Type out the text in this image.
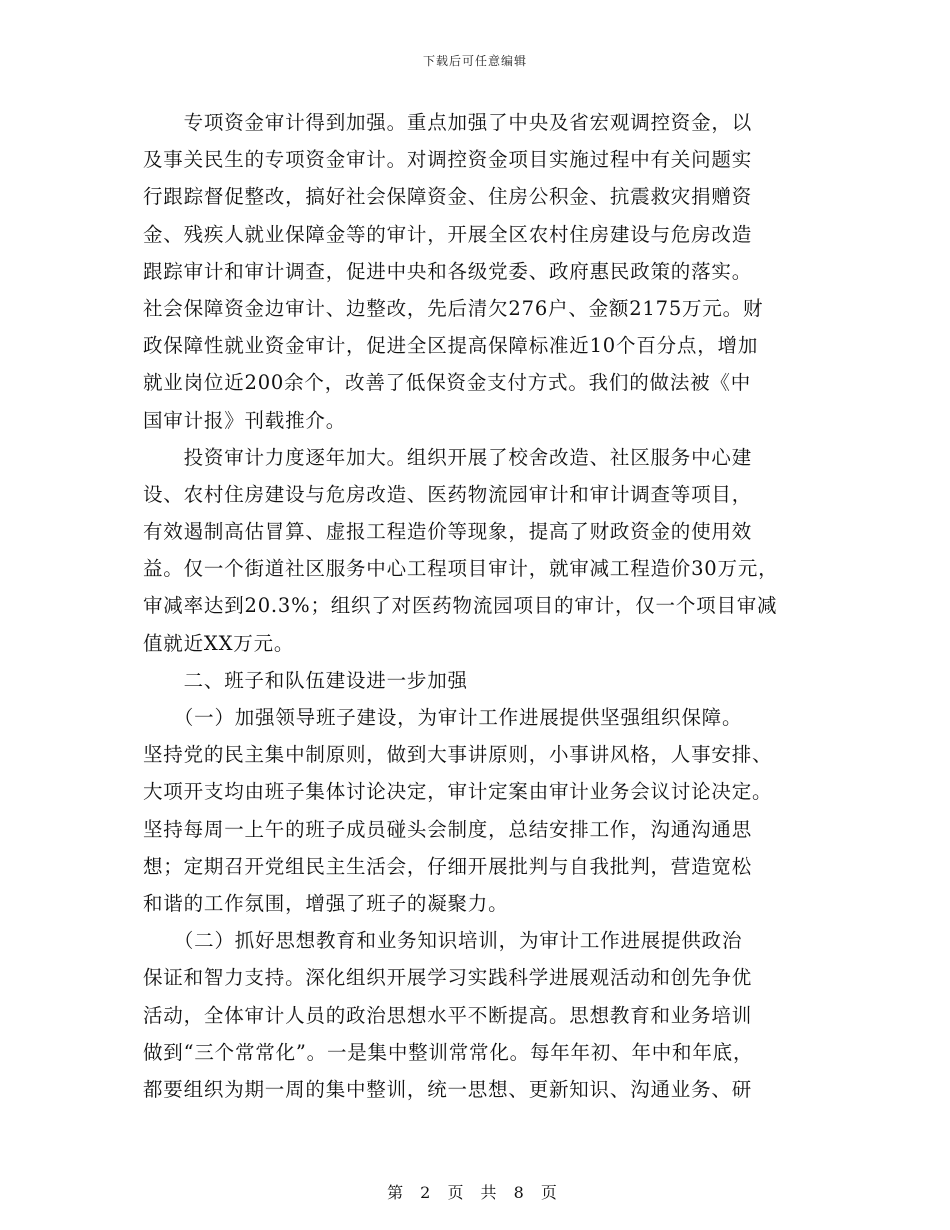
下载后可任意编辑
　　专项资金审计得到加强。重点加强了中央及省宏观调控资金，以
及事关民生的专项资金审计。对调控资金项目实施过程中有关问题实
行跟踪督促整改，搞好社会保障资金、住房公积金、抗震救灾捐赠资
金、残疾人就业保障金等的审计，开展全区农村住房建设与危房改造
跟踪审计和审计调查，促进中央和各级党委、政府惠民政策的落实。
社会保障资金边审计、边整改，先后清欠276户、金额2175万元。财
政保障性就业资金审计，促进全区提高保障标准近10个百分点，增加
就业岗位近200余个，改善了低保资金支付方式。我们的做法被《中
国审计报》刊载推介。
　　投资审计力度逐年加大。组织开展了校舍改造、社区服务中心建
设、农村住房建设与危房改造、医药物流园审计和审计调查等项目，
有效遏制高估冒算、虚报工程造价等现象，提高了财政资金的使用效
益。仅一个街道社区服务中心工程项目审计，就审减工程造价30万元，
审减率达到20.3%；组织了对医药物流园项目的审计，仅一个项目审减
值就近XX万元。
　　二、班子和队伍建设进一步加强
　　（一）加强领导班子建设，为审计工作进展提供坚强组织保障。
坚持党的民主集中制原则，做到大事讲原则，小事讲风格，人事安排、
大项开支均由班子集体讨论决定，审计定案由审计业务会议讨论决定。
坚持每周一上午的班子成员碰头会制度，总结安排工作，沟通沟通思
想；定期召开党组民主生活会，仔细开展批判与自我批判，营造宽松
和谐的工作氛围，增强了班子的凝聚力。
　　（二）抓好思想教育和业务知识培训，为审计工作进展提供政治
保证和智力支持。深化组织开展学习实践科学进展观活动和创先争优
活动，全体审计人员的政治思想水平不断提高。思想教育和业务培训
做到“三个常常化”。一是集中整训常常化。每年年初、年中和年底，
都要组织为期一周的集中整训，统一思想、更新知识、沟通业务、研
第 2 页 共 8 页
